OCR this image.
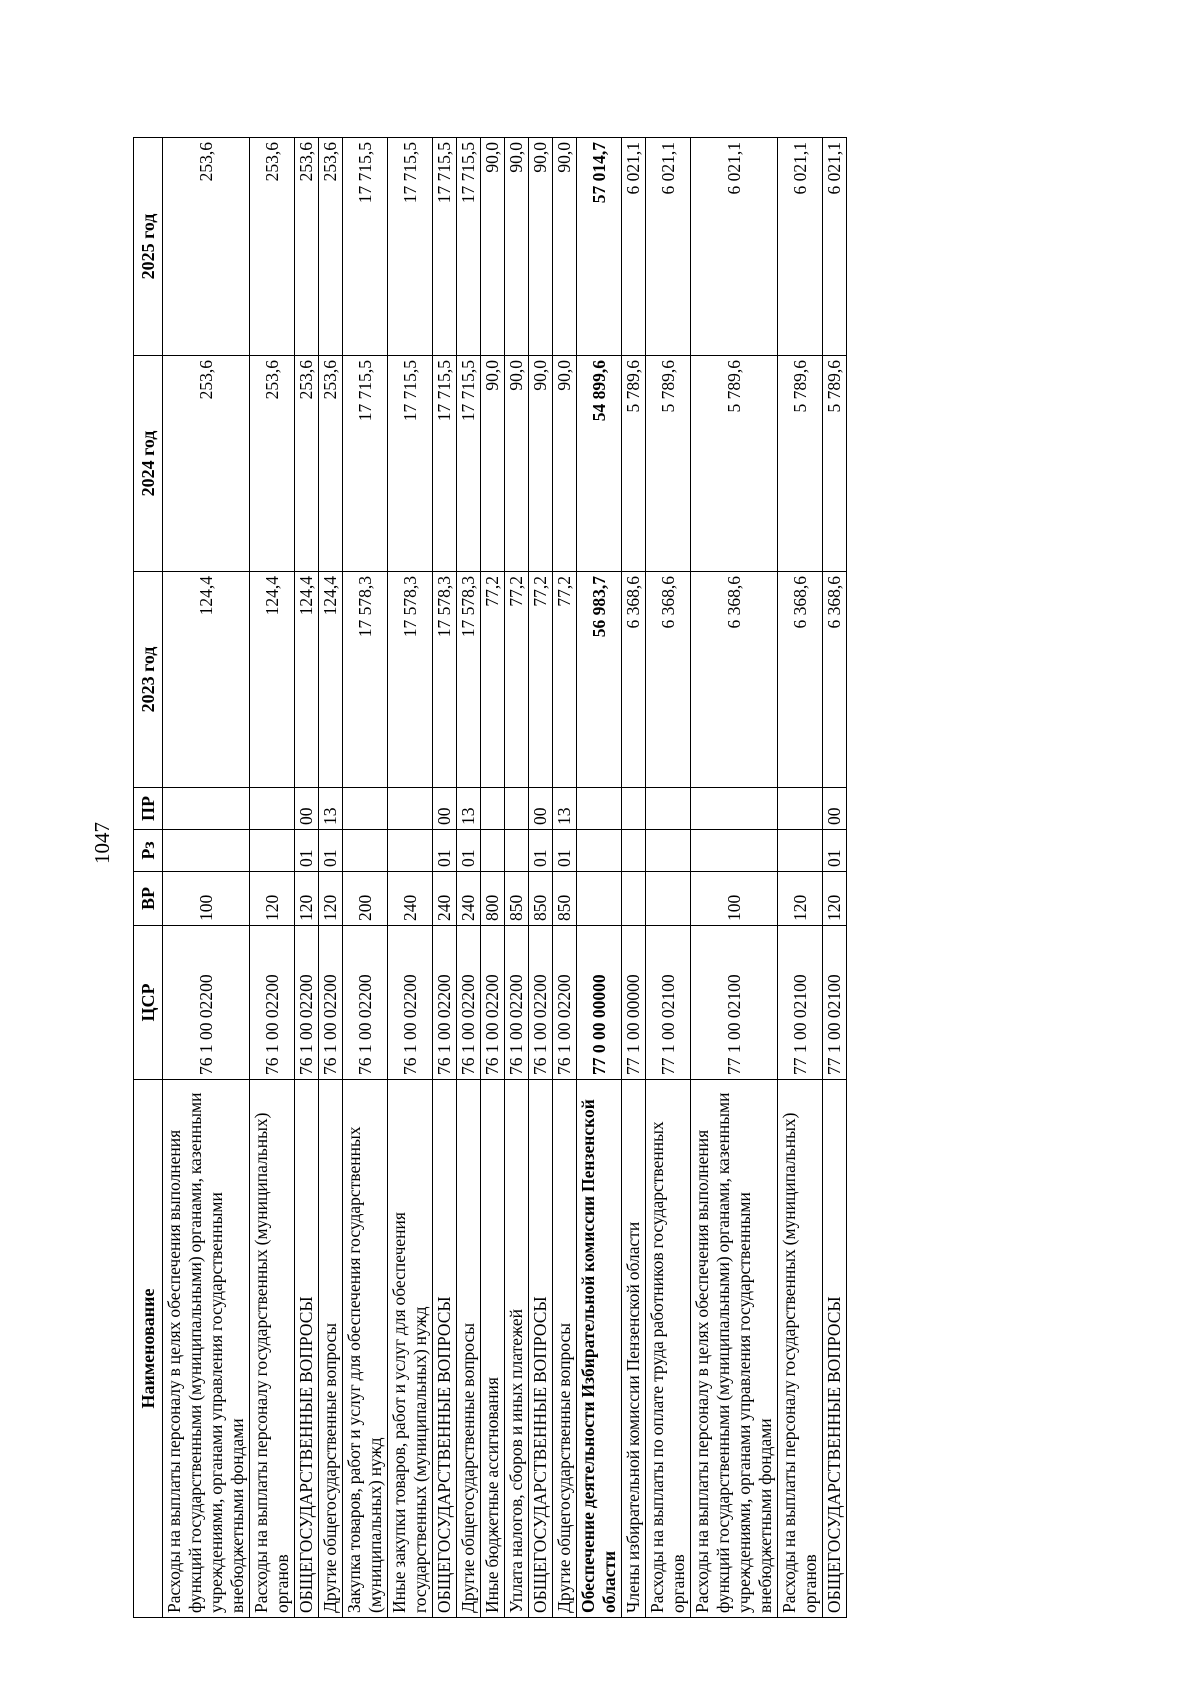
1047
Наименование	ЦСР	ВР	Рз	ПР	2023 год	2024 год	2025 год
Расходы на выплаты персоналу в целях обеспечения выполнения функций государственными (муниципальными) органами, казенными учреждениями, органами управления государственными внебюджетными фондами	76 1 00 02200	100			124,4	253,6	253,6
Расходы на выплаты персоналу государственных (муниципальных) органов	76 1 00 02200	120			124,4	253,6	253,6
ОБЩЕГОСУДАРСТВЕННЫЕ ВОПРОСЫ	76 1 00 02200	120	01	00	124,4	253,6	253,6
Другие общегосударственные вопросы	76 1 00 02200	120	01	13	124,4	253,6	253,6
Закупка товаров, работ и услуг для обеспечения государственных (муниципальных) нужд	76 1 00 02200	200			17 578,3	17 715,5	17 715,5
Иные закупки товаров, работ и услуг для обеспечения государственных (муниципальных) нужд	76 1 00 02200	240			17 578,3	17 715,5	17 715,5
ОБЩЕГОСУДАРСТВЕННЫЕ ВОПРОСЫ	76 1 00 02200	240	01	00	17 578,3	17 715,5	17 715,5
Другие общегосударственные вопросы	76 1 00 02200	240	01	13	17 578,3	17 715,5	17 715,5
Иные бюджетные ассигнования	76 1 00 02200	800			77,2	90,0	90,0
Уплата налогов, сборов и иных платежей	76 1 00 02200	850			77,2	90,0	90,0
ОБЩЕГОСУДАРСТВЕННЫЕ ВОПРОСЫ	76 1 00 02200	850	01	00	77,2	90,0	90,0
Другие общегосударственные вопросы	76 1 00 02200	850	01	13	77,2	90,0	90,0
Обеспечение деятельности Избирательной комиссии Пензенской области	77 0 00 00000				56 983,7	54 899,6	57 014,7
Члены избирательной комиссии Пензенской области	77 1 00 00000				6 368,6	5 789,6	6 021,1
Расходы на выплаты по оплате труда работников государственных органов	77 1 00 02100				6 368,6	5 789,6	6 021,1
Расходы на выплаты персоналу в целях обеспечения выполнения функций государственными (муниципальными) органами, казенными учреждениями, органами управления государственными внебюджетными фондами	77 1 00 02100	100			6 368,6	5 789,6	6 021,1
Расходы на выплаты персоналу государственных (муниципальных) органов	77 1 00 02100	120			6 368,6	5 789,6	6 021,1
ОБЩЕГОСУДАРСТВЕННЫЕ ВОПРОСЫ	77 1 00 02100	120	01	00	6 368,6	5 789,6	6 021,1
